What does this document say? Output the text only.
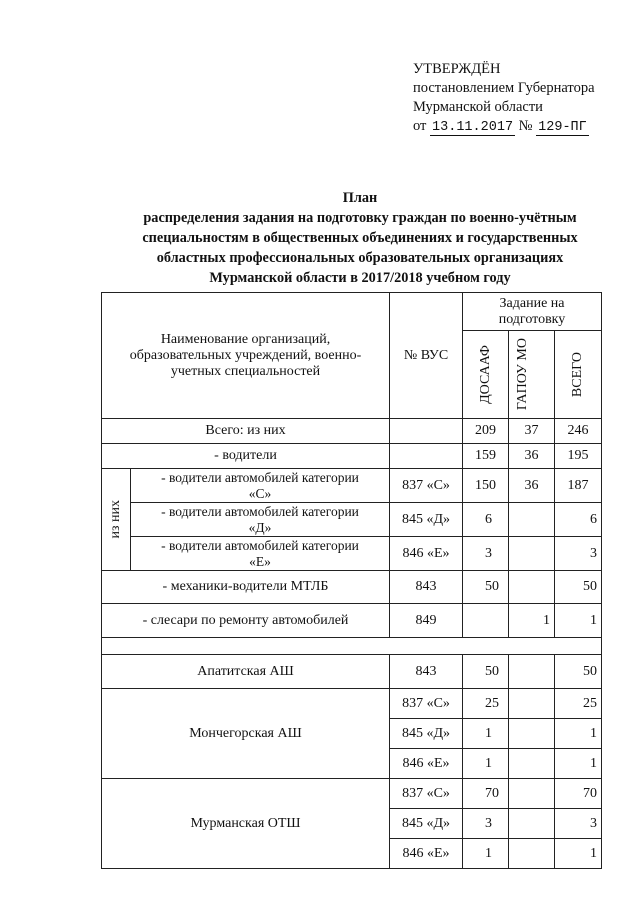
УТВЕРЖДЁН
постановлением Губернатора
Мурманской области
от 13.11.2017 № 129-ПГ
План
распределения задания на подготовку граждан по военно-учётным
специальностям в общественных объединениях и государственных
областных профессиональных образовательных организациях
Мурманской области в 2017/2018 учебном году
Наименование организаций, образовательных учреждений, военно-учетных специальностей		№ ВУС	Задание на подготовку		

			ДОСААФ	ГАПОУ МО	ВСЕГО

Всего: из них			209	37	246
- водители			159	36	195

из них	- водители автомобилей категории «С»	837 «С»	150	36	187
	- водители автомобилей категории «Д»	845 «Д»	6		6
	- водители автомобилей категории «Е»	846 «Е»	3		3
- механики-водители МТЛБ		843	50		50
- слесари по ремонту автомобилей		849		1	1

Апатитская АШ		843	50		50
Мончегорская АШ		837 «С»	25		25
		845 «Д»	1		1
		846 «Е»	1		1
Мурманская ОТШ		837 «С»	70		70
		845 «Д»	3		3
		846 «Е»	1		1
